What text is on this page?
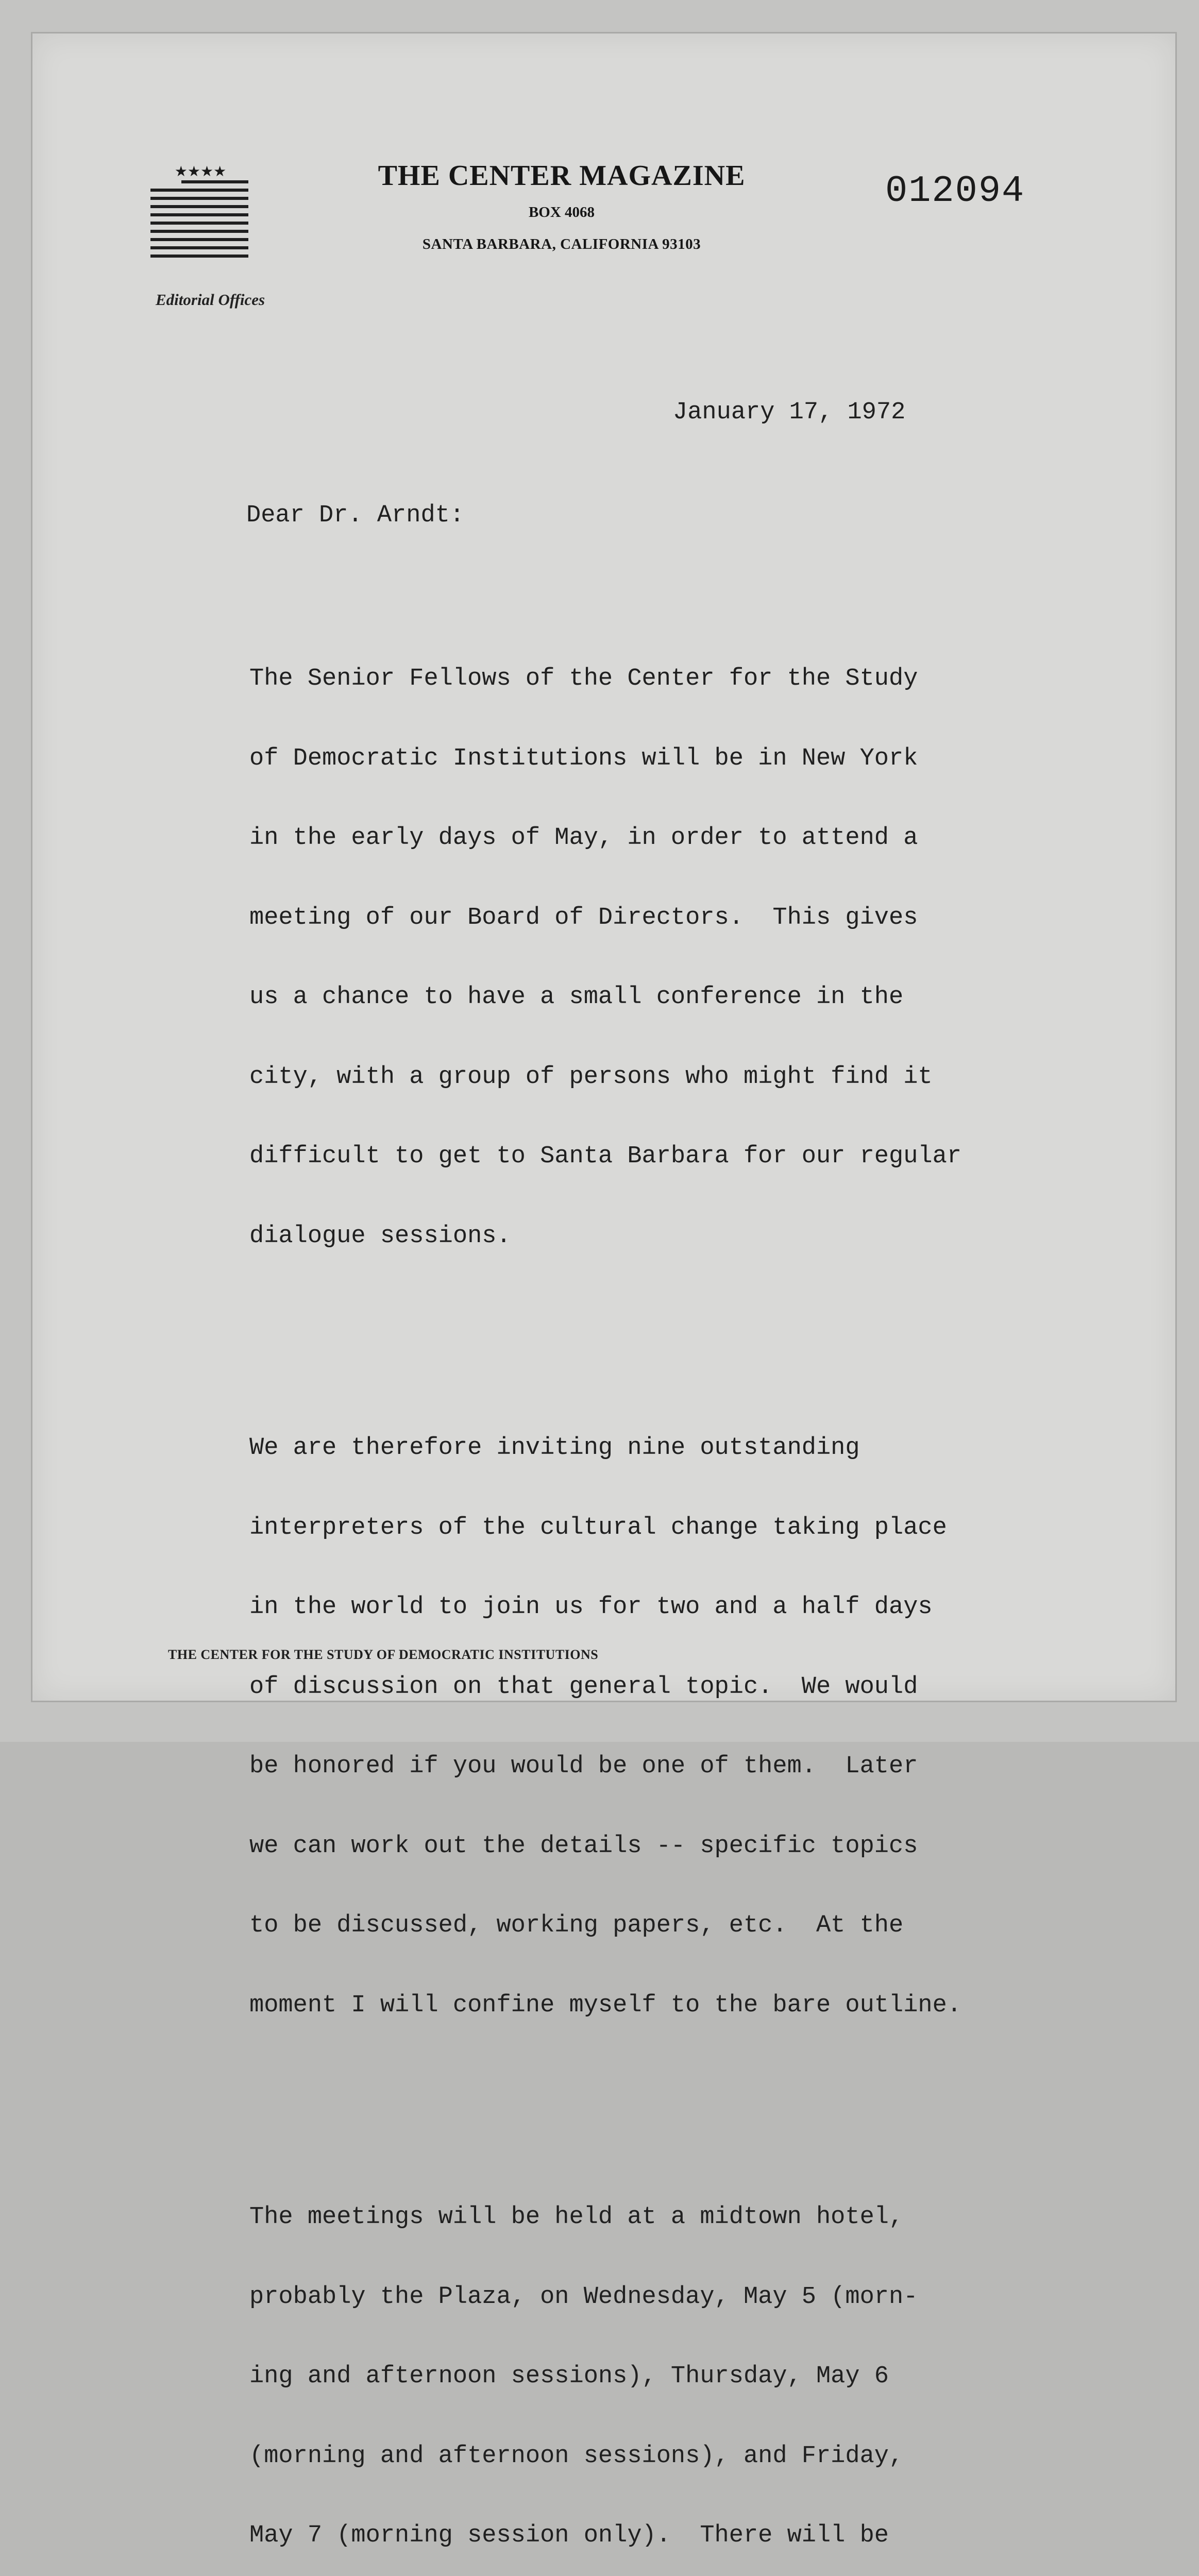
★★★★	THE CENTER MAGAZINE
BOX 4068
SANTA BARBARA, CALIFORNIA 93103
012094
Editorial Offices
January 17, 1972
Dear Dr. Arndt:

The Senior Fellows of the Center for the Study

of Democratic Institutions will be in New York

in the early days of May, in order to attend a

meeting of our Board of Directors.  This gives

us a chance to have a small conference in the

city, with a group of persons who might find it

difficult to get to Santa Barbara for our regular

dialogue sessions.

We are therefore inviting nine outstanding

interpreters of the cultural change taking place

in the world to join us for two and a half days

of discussion on that general topic.  We would

be honored if you would be one of them.  Later

we can work out the details -- specific topics

to be discussed, working papers, etc.  At the

moment I will confine myself to the bare outline.

The meetings will be held at a midtown hotel,

probably the Plaza, on Wednesday, May 5 (morn-

ing and afternoon sessions), Thursday, May 6

(morning and afternoon sessions), and Friday,

May 7 (morning session only).  There will be

THE CENTER FOR THE STUDY OF DEMOCRATIC INSTITUTIONS
